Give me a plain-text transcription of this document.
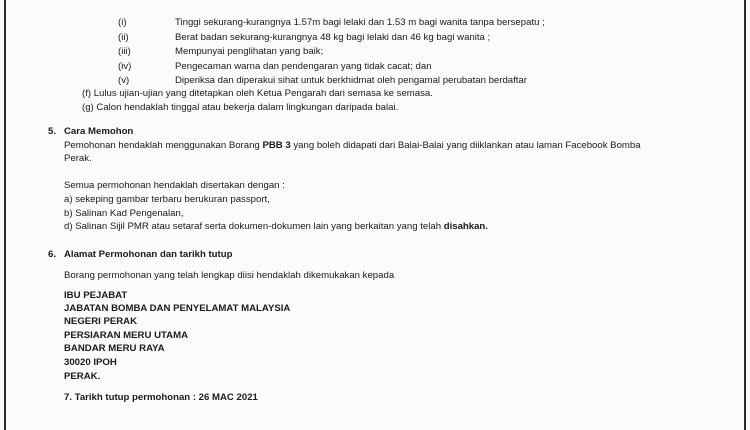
(i)	Tinggi sekurang-kurangnya 1.57m bagi lelaki dan 1.53 m bagi wanita tanpa bersepatu ;
(ii)	Berat badan sekurang-kurangnya 48 kg bagi lelaki dan 46 kg bagi wanita ;
(iii)	Mempunyai penglihatan yang baik;
(iv)	Pengecaman warna dan pendengaran yang tidak cacat; dan
(v)	Diperiksa dan diperakui sihat untuk berkhidmat oleh pengamal perubatan berdaftar
(f) Lulus ujian-ujian yang ditetapkan oleh Ketua Pengarah dari semasa ke semasa.
(g) Calon hendaklah tinggal atau bekerja dalam lingkungan daripada balai.
5. Cara Memohon
Pemohonan hendaklah menggunakan Borang PBB 3 yang boleh didapati dari Balai-Balai yang diiklankan atau laman Facebook Bomba
Perak.
Semua permohonan hendaklah disertakan dengan :
a) sekeping gambar terbaru berukuran passport,
b) Salinan Kad Pengenalan,
d) Salinan Sijil PMR atau setaraf serta dokumen-dokumen lain yang berkaitan yang telah disahkan.
6. Alamat Permohonan dan tarikh tutup
Borang permohonan yang telah lengkap diisi hendaklah dikemukakan kepada
IBU PEJABAT
JABATAN BOMBA DAN PENYELAMAT MALAYSIA
NEGERI PERAK
PERSIARAN MERU UTAMA
BANDAR MERU RAYA
30020 IPOH
PERAK.
7. Tarikh tutup permohonan : 26 MAC 2021
